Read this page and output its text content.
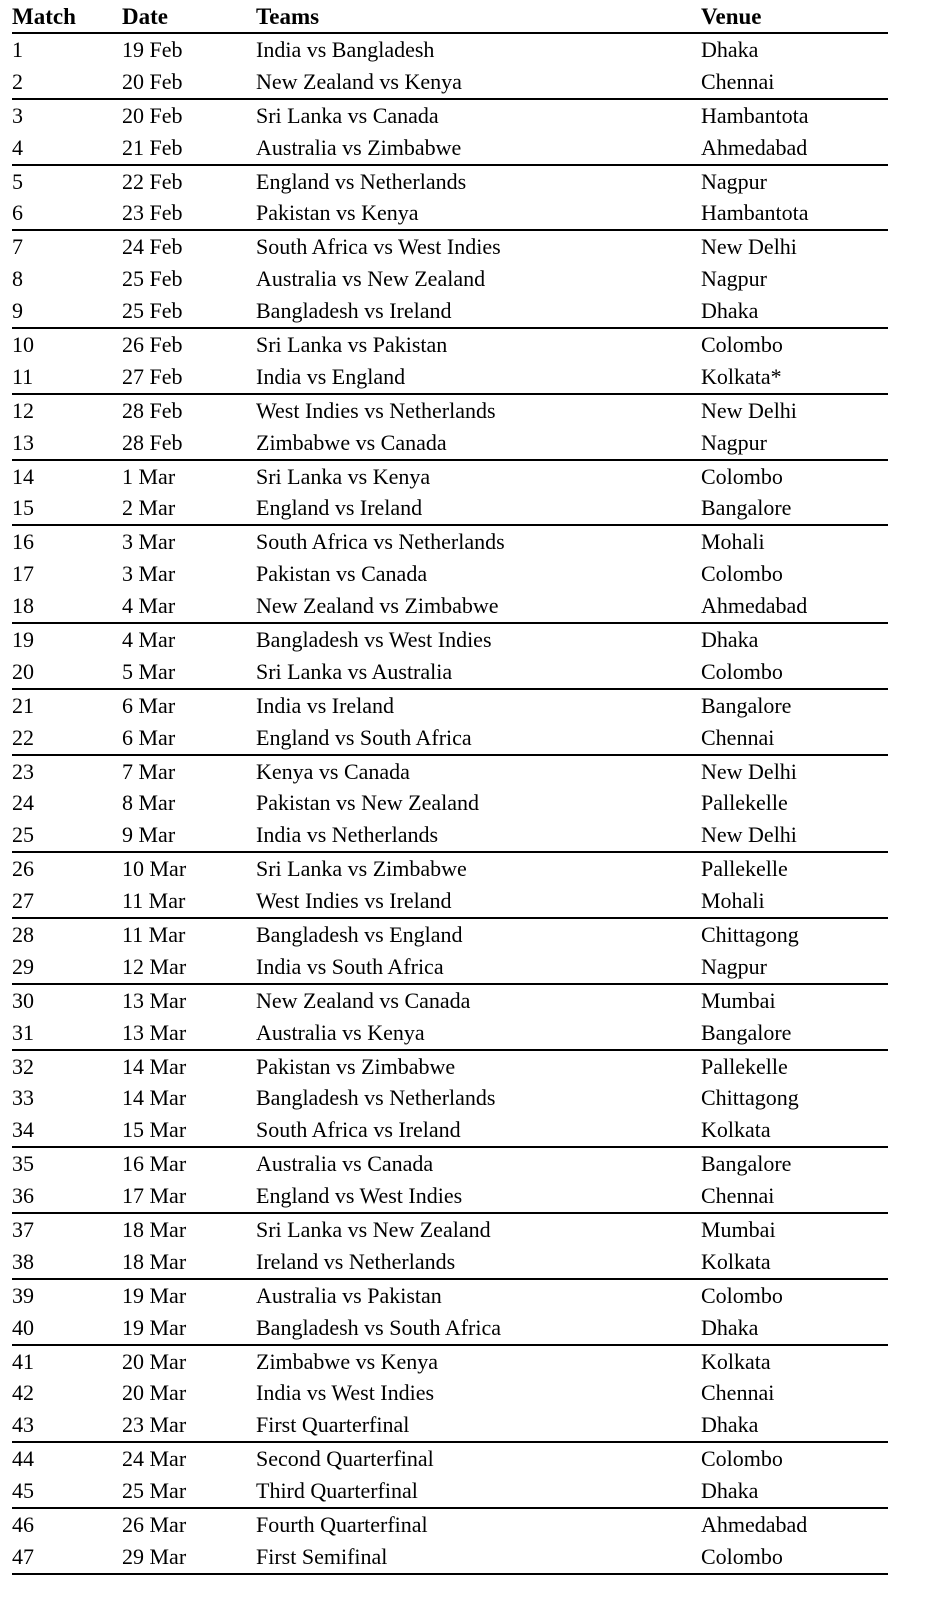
Match	Date	Teams	Venue
1	19 Feb	India vs Bangladesh	Dhaka
2	20 Feb	New Zealand vs Kenya	Chennai
3	20 Feb	Sri Lanka vs Canada	Hambantota
4	21 Feb	Australia vs Zimbabwe	Ahmedabad
5	22 Feb	England vs Netherlands	Nagpur
6	23 Feb	Pakistan vs Kenya	Hambantota
7	24 Feb	South Africa vs West Indies	New Delhi
8	25 Feb	Australia vs New Zealand	Nagpur
9	25 Feb	Bangladesh vs Ireland	Dhaka
10	26 Feb	Sri Lanka vs Pakistan	Colombo
11	27 Feb	India vs England	Kolkata*
12	28 Feb	West Indies vs Netherlands	New Delhi
13	28 Feb	Zimbabwe vs Canada	Nagpur
14	1 Mar	Sri Lanka vs Kenya	Colombo
15	2 Mar	England vs Ireland	Bangalore
16	3 Mar	South Africa vs Netherlands	Mohali
17	3 Mar	Pakistan vs Canada	Colombo
18	4 Mar	New Zealand vs Zimbabwe	Ahmedabad
19	4 Mar	Bangladesh vs West Indies	Dhaka
20	5 Mar	Sri Lanka vs Australia	Colombo
21	6 Mar	India vs Ireland	Bangalore
22	6 Mar	England vs South Africa	Chennai
23	7 Mar	Kenya vs Canada	New Delhi
24	8 Mar	Pakistan vs New Zealand	Pallekelle
25	9 Mar	India vs Netherlands	New Delhi
26	10 Mar	Sri Lanka vs Zimbabwe	Pallekelle
27	11 Mar	West Indies vs Ireland	Mohali
28	11 Mar	Bangladesh vs England	Chittagong
29	12 Mar	India vs South Africa	Nagpur
30	13 Mar	New Zealand vs Canada	Mumbai
31	13 Mar	Australia vs Kenya	Bangalore
32	14 Mar	Pakistan vs Zimbabwe	Pallekelle
33	14 Mar	Bangladesh vs Netherlands	Chittagong
34	15 Mar	South Africa vs Ireland	Kolkata
35	16 Mar	Australia vs Canada	Bangalore
36	17 Mar	England vs West Indies	Chennai
37	18 Mar	Sri Lanka vs New Zealand	Mumbai
38	18 Mar	Ireland vs Netherlands	Kolkata
39	19 Mar	Australia vs Pakistan	Colombo
40	19 Mar	Bangladesh vs South Africa	Dhaka
41	20 Mar	Zimbabwe vs Kenya	Kolkata
42	20 Mar	India vs West Indies	Chennai
43	23 Mar	First Quarterfinal	Dhaka
44	24 Mar	Second Quarterfinal	Colombo
45	25 Mar	Third Quarterfinal	Dhaka
46	26 Mar	Fourth Quarterfinal	Ahmedabad
47	29 Mar	First Semifinal	Colombo
